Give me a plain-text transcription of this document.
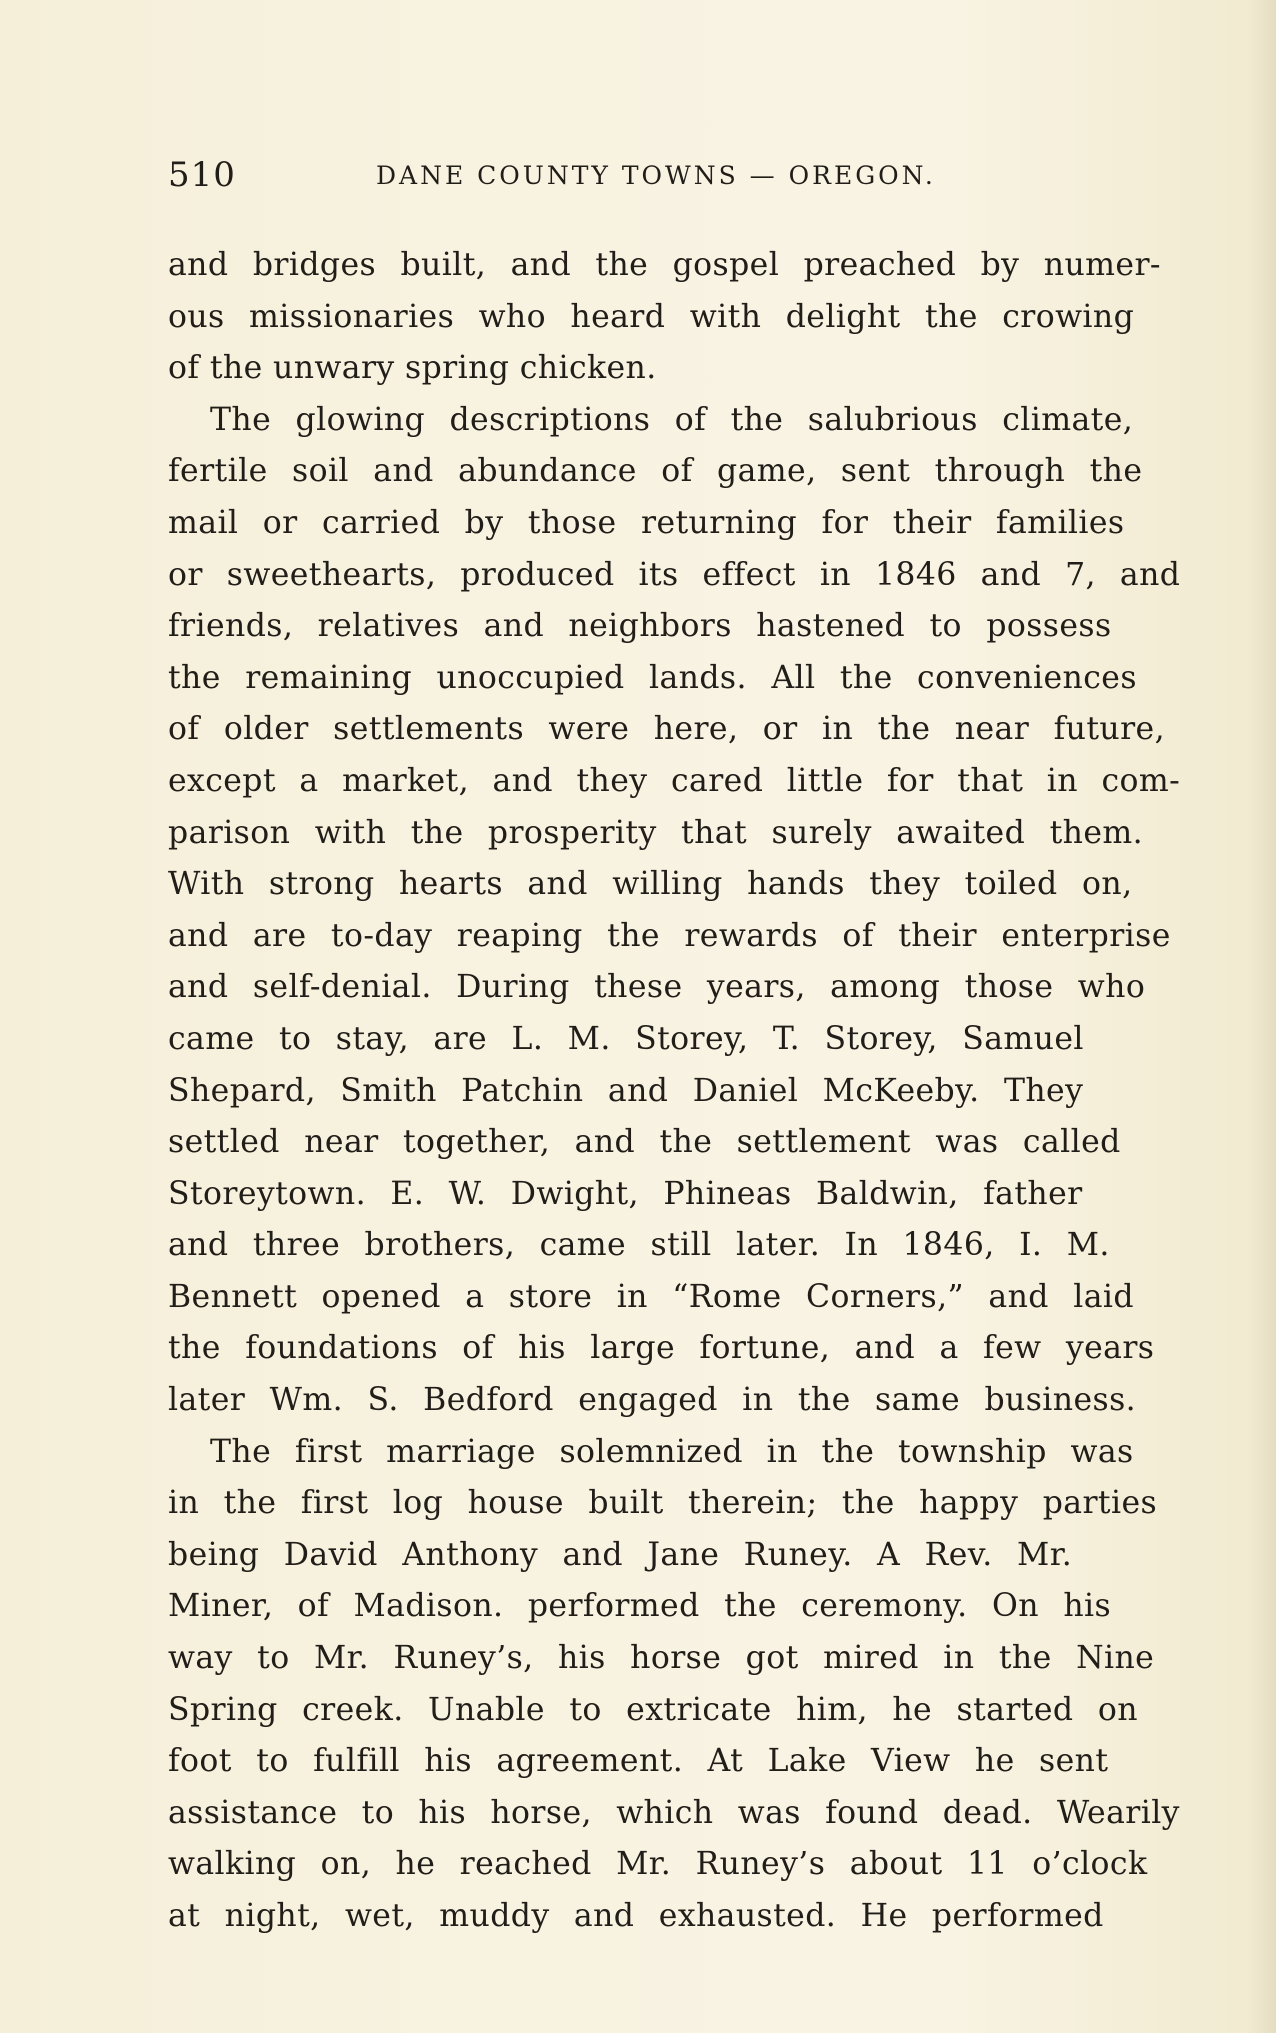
510	DANE COUNTY TOWNS — OREGON.
and bridges built, and the gospel preached by numer-
ous missionaries who heard with delight the crowing
of the unwary spring chicken.
The glowing descriptions of the salubrious climate,
fertile soil and abundance of game, sent through the
mail or carried by those returning for their families
or sweethearts, produced its effect in 1846 and 7, and
friends, relatives and neighbors hastened to possess
the remaining unoccupied lands. All the conveniences
of older settlements were here, or in the near future,
except a market, and they cared little for that in com-
parison with the prosperity that surely awaited them.
With strong hearts and willing hands they toiled on,
and are to-day reaping the rewards of their enterprise
and self-denial. During these years, among those who
came to stay, are L. M. Storey, T. Storey, Samuel
Shepard, Smith Patchin and Daniel McKeeby. They
settled near together, and the settlement was called
Storeytown. E. W. Dwight, Phineas Baldwin, father
and three brothers, came still later. In 1846, I. M.
Bennett opened a store in “Rome Corners,” and laid
the foundations of his large fortune, and a few years
later Wm. S. Bedford engaged in the same business.
The first marriage solemnized in the township was
in the first log house built therein; the happy parties
being David Anthony and Jane Runey. A Rev. Mr.
Miner, of Madison. performed the ceremony. On his
way to Mr. Runey’s, his horse got mired in the Nine
Spring creek. Unable to extricate him, he started on
foot to fulfill his agreement. At Lake View he sent
assistance to his horse, which was found dead. Wearily
walking on, he reached Mr. Runey’s about 11 o’clock
at night, wet, muddy and exhausted. He performed
